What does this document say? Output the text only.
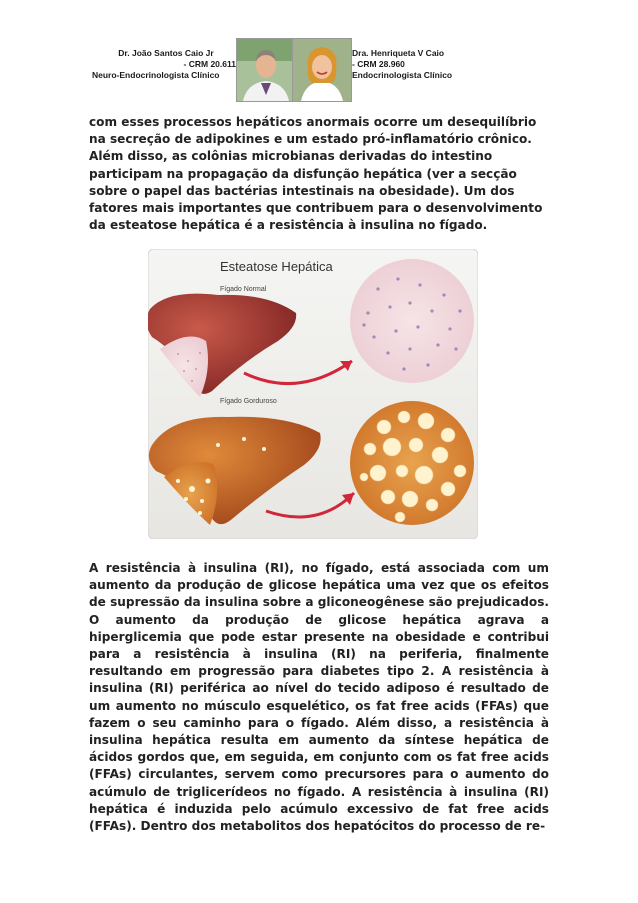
Dr. João Santos Caio Jr
- CRM 20.611
Neuro-Endocrinologista Clínico
Dra. Henriqueta V Caio
- CRM 28.960
Endocrinologista Clínico
com esses processos hepáticos anormais ocorre um desequilíbrio na secreção de adipokines e um estado pró-inflamatório crônico. Além disso, as colônias microbianas derivadas do intestino participam na propagação da disfunção hepática (ver a secção sobre o papel das bactérias intestinais na obesidade). Um dos fatores mais importantes que contribuem para o desenvolvimento da esteatose hepática é a resistência à insulina no fígado.
Esteatose Hepática
Fígado Normal
Fígado Gorduroso
A resistência à insulina (RI), no fígado, está associada com um aumento da produção de glicose hepática uma vez que os efeitos de supressão da insulina sobre a gliconeogênese são prejudicados. O aumento da produção de glicose hepática agrava a hiperglicemia que pode estar presente na obesidade e contribui para a resistência à insulina (RI) na periferia, finalmente resultando em progressão para diabetes tipo 2. A resistência à insulina (RI) periférica ao nível do tecido adiposo é resultado de um aumento no músculo esquelético, os fat free acids (FFAs) que fazem o seu caminho para o fígado. Além disso, a resistência à insulina hepática resulta em aumento da síntese hepática de ácidos gordos que, em seguida, em conjunto com os fat free acids (FFAs) circulantes, servem como precursores para o aumento do acúmulo de triglicerídeos no fígado. A resistência à insulina (RI) hepática é induzida pelo acúmulo excessivo de fat free acids (FFAs). Dentro dos metabolitos dos hepatócitos do processo de re-
